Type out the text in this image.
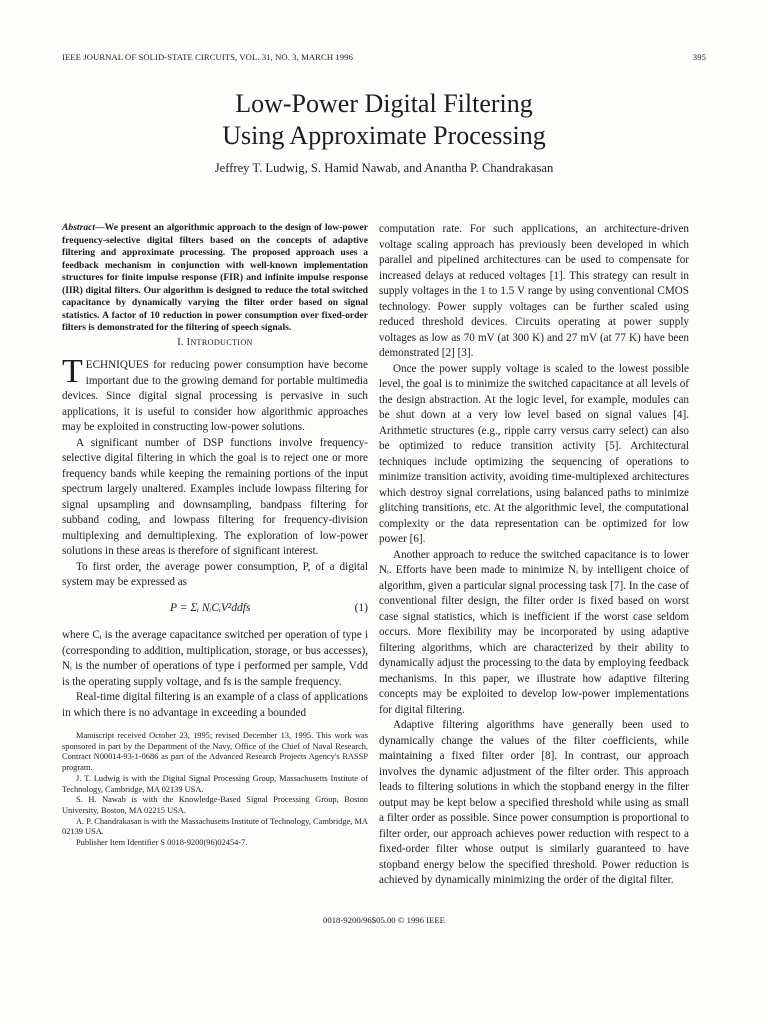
IEEE JOURNAL OF SOLID-STATE CIRCUITS, VOL. 31, NO. 3, MARCH 1996	395
Low-Power Digital Filtering
Using Approximate Processing
Jeffrey T. Ludwig, S. Hamid Nawab, and Anantha P. Chandrakasan

Abstract—We present an algorithmic approach to the design of low-power frequency-selective digital filters based on the concepts of adaptive filtering and approximate processing. The proposed approach uses a feedback mechanism in conjunction with well-known implementation structures for finite impulse response (FIR) and infinite impulse response (IIR) digital filters. Our algorithm is designed to reduce the total switched capacitance by dynamically varying the filter order based on signal statistics. A factor of 10 reduction in power consumption over fixed-order filters is demonstrated for the filtering of speech signals.

I. INTRODUCTION

TECHNIQUES for reducing power consumption have become important due to the growing demand for portable multimedia devices. Since digital signal processing is pervasive in such applications, it is useful to consider how algorithmic approaches may be exploited in constructing low-power solutions.

A significant number of DSP functions involve frequency-selective digital filtering in which the goal is to reject one or more frequency bands while keeping the remaining portions of the input spectrum largely unaltered. Examples include lowpass filtering for signal upsampling and downsampling, bandpass filtering for subband coding, and lowpass filtering for frequency-division multiplexing and demultiplexing. The exploration of low-power solutions in these areas is therefore of significant interest.

To first order, the average power consumption, P, of a digital system may be expressed as

P = Σᵢ NᵢCᵢV²ddfs	(1)

where Cᵢ is the average capacitance switched per operation of type i (corresponding to addition, multiplication, storage, or bus accesses), Nᵢ is the number of operations of type i performed per sample, Vdd is the operating supply voltage, and fs is the sample frequency.

Real-time digital filtering is an example of a class of applications in which there is no advantage in exceeding a bounded

Manuscript received October 23, 1995; revised December 13, 1995. This work was sponsored in part by the Department of the Navy, Office of the Chief of Naval Research, Contract N00014-93-1-0686 as part of the Advanced Research Projects Agency's RASSP program.

J. T. Ludwig is with the Digital Signal Processing Group, Massachusetts Institute of Technology, Cambridge, MA 02139 USA.

S. H. Nawab is with the Knowledge-Based Signal Processing Group, Boston University, Boston, MA 02215 USA.

A. P. Chandrakasan is with the Massachusetts Institute of Technology, Cambridge, MA 02139 USA.

Publisher Item Identifier S 0018-9200(96)02454-7.

computation rate. For such applications, an architecture-driven voltage scaling approach has previously been developed in which parallel and pipelined architectures can be used to compensate for increased delays at reduced voltages [1]. This strategy can result in supply voltages in the 1 to 1.5 V range by using conventional CMOS technology. Power supply voltages can be further scaled using reduced threshold devices. Circuits operating at power supply voltages as low as 70 mV (at 300 K) and 27 mV (at 77 K) have been demonstrated [2] [3].

Once the power supply voltage is scaled to the lowest possible level, the goal is to minimize the switched capacitance at all levels of the design abstraction. At the logic level, for example, modules can be shut down at a very low level based on signal values [4]. Arithmetic structures (e.g., ripple carry versus carry select) can also be optimized to reduce transition activity [5]. Architectural techniques include optimizing the sequencing of operations to minimize transition activity, avoiding time-multiplexed architectures which destroy signal correlations, using balanced paths to minimize glitching transitions, etc. At the algorithmic level, the computational complexity or the data representation can be optimized for low power [6].

Another approach to reduce the switched capacitance is to lower Nᵢ. Efforts have been made to minimize Nᵢ by intelligent choice of algorithm, given a particular signal processing task [7]. In the case of conventional filter design, the filter order is fixed based on worst case signal statistics, which is inefficient if the worst case seldom occurs. More flexibility may be incorporated by using adaptive filtering algorithms, which are characterized by their ability to dynamically adjust the processing to the data by employing feedback mechanisms. In this paper, we illustrate how adaptive filtering concepts may be exploited to develop low-power implementations for digital filtering.

Adaptive filtering algorithms have generally been used to dynamically change the values of the filter coefficients, while maintaining a fixed filter order [8]. In contrast, our approach involves the dynamic adjustment of the filter order. This approach leads to filtering solutions in which the stopband energy in the filter output may be kept below a specified threshold while using as small a filter order as possible. Since power consumption is proportional to filter order, our approach achieves power reduction with respect to a fixed-order filter whose output is similarly guaranteed to have stopband energy below the specified threshold. Power reduction is achieved by dynamically minimizing the order of the digital filter.

0018-9200/96$05.00 © 1996 IEEE
